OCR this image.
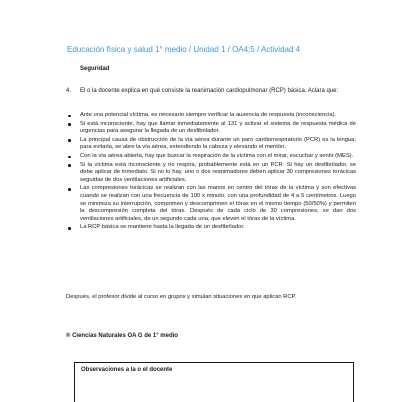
Educación física y salud 1° medio / Unidad 1 / OA4;5 / Actividad 4
Seguridad
4. El o la docente explica en qué consiste la reanimación cardiopulmonar (RCP) básica. Aclara que:
Ante una potencial víctima, es necesario siempre verificar la ausencia de respuesta (inconsciencia).
Si está inconsciente, hay que llamar inmediatamente al 131 y activar el sistema de respuesta médica de urgencias para asegurar la llegada de un desfibrilador.
La principal causa de obstrucción de la vía aérea durante un paro cardiorrespiratorio (PCR) es la lengua; para evitarla, se abre la vía aérea, extendiendo la cabeza y elevando el mentón.
Con la vía aérea abierta, hay que buscar la respiración de la víctima con el mirar, escuchar y sentir (MES).
Si la víctima está inconsciente y no respira, probablemente está en un PCR. Si hay un desfibrilador, se debe aplicar de inmediato. Si no lo hay, uno o dos reanimadores deben aplicar 30 compresiones torácicas seguidas de dos ventilaciones artificiales.
Las compresiones torácicas se realizan con las manos en centro del tórax de la víctima y son efectivas cuando se realizan con una frecuencia de 100 x minuto, con una profundidad de 4 a 5 centímetros. Luego se minimiza su interrupción, comprimen y descomprimen el tórax en el mismo tiempo (50/50%) y permiten la descompresión completa del tórax. Después de cada ciclo de 30 compresiones, se dan dos ventilaciones artificiales, de un segundo cada una, que eleven el tórax de la víctima.
La RCP básica se mantiene hasta la llegada de un desfibrilador.
Después, el profesor divide al curso en grupos y simulan situaciones en que aplican RCP.
® Ciencias Naturales OA G de 1° medio
Observaciones a la o el docente
